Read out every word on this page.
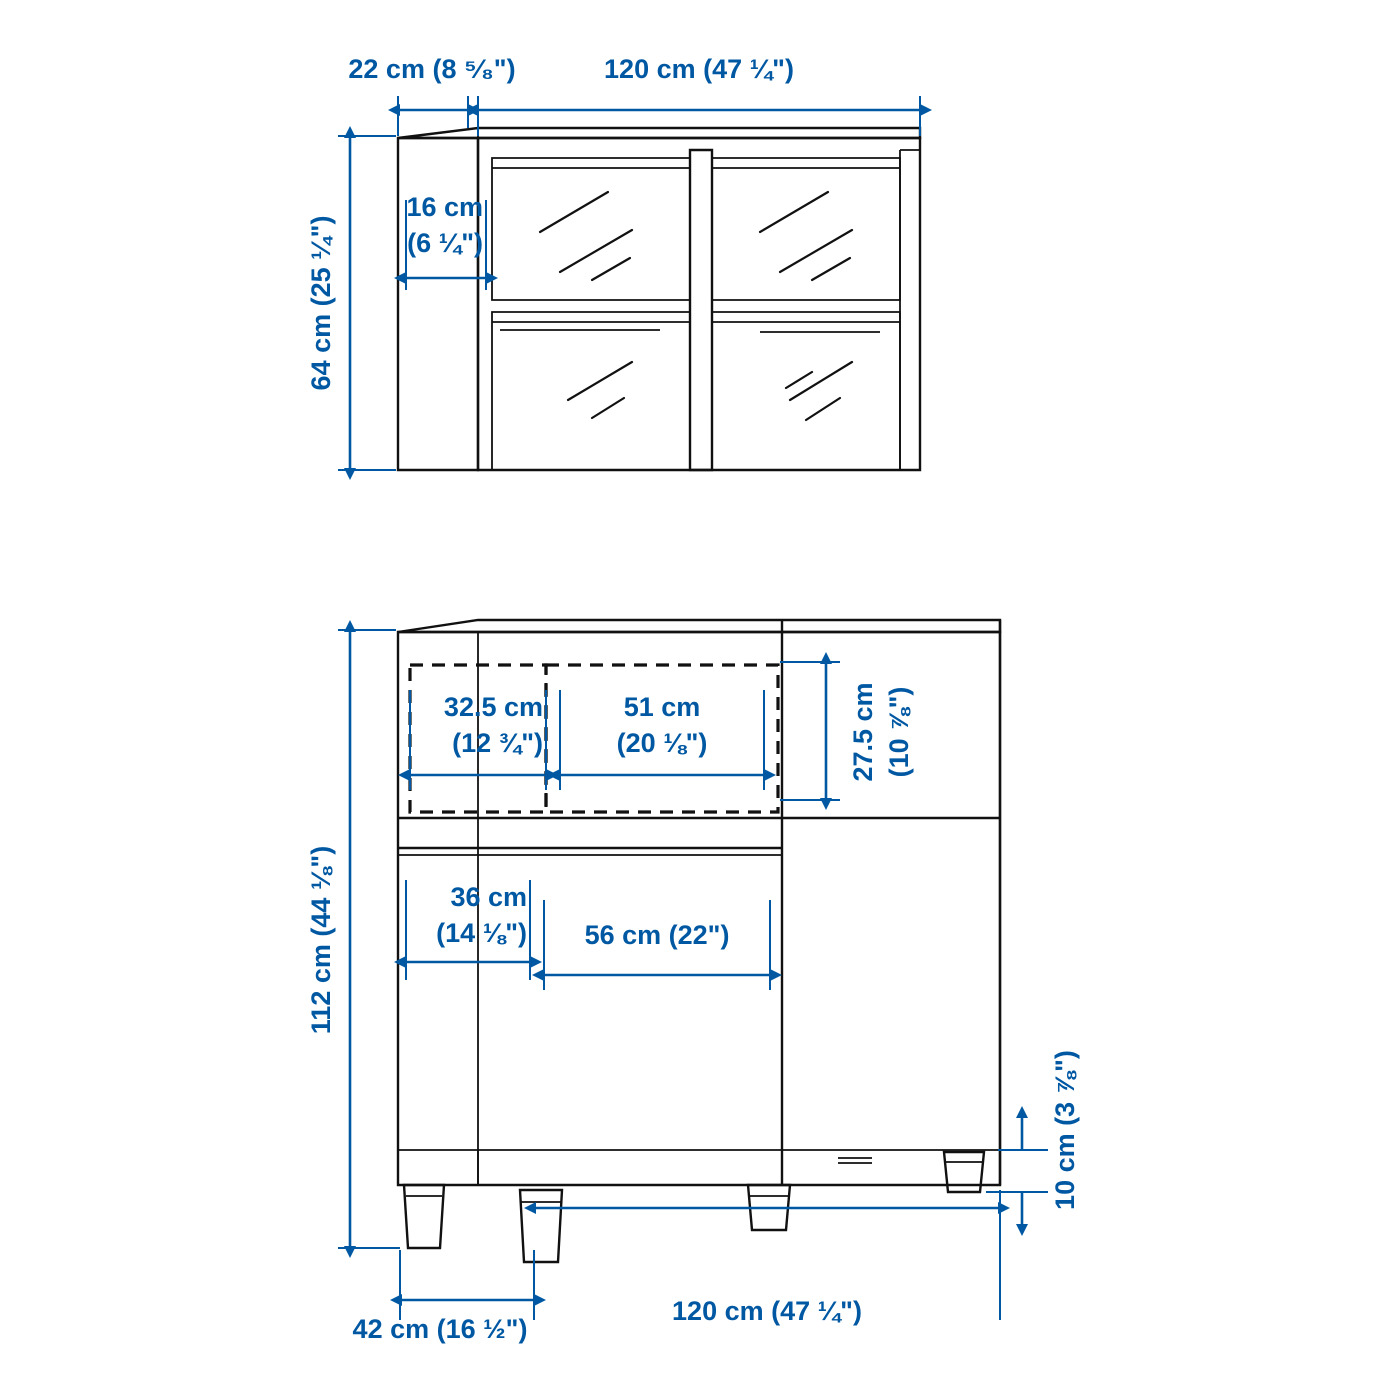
120 cm (47 ¼")
22 cm (8 ⁵⁄₈")
64 cm (25 ¼")
16 cm
(6 ¼")
112 cm (44 ⅛")
32.5 cm
(12 ¾")
51 cm
(20 ⅛")	27.5 cm (10 ⅞")
36 cm
(14 ⅛") 56 cm (22")
10 cm (3 ⅞")
42 cm (16 ½")
120 cm (47 ¼")
